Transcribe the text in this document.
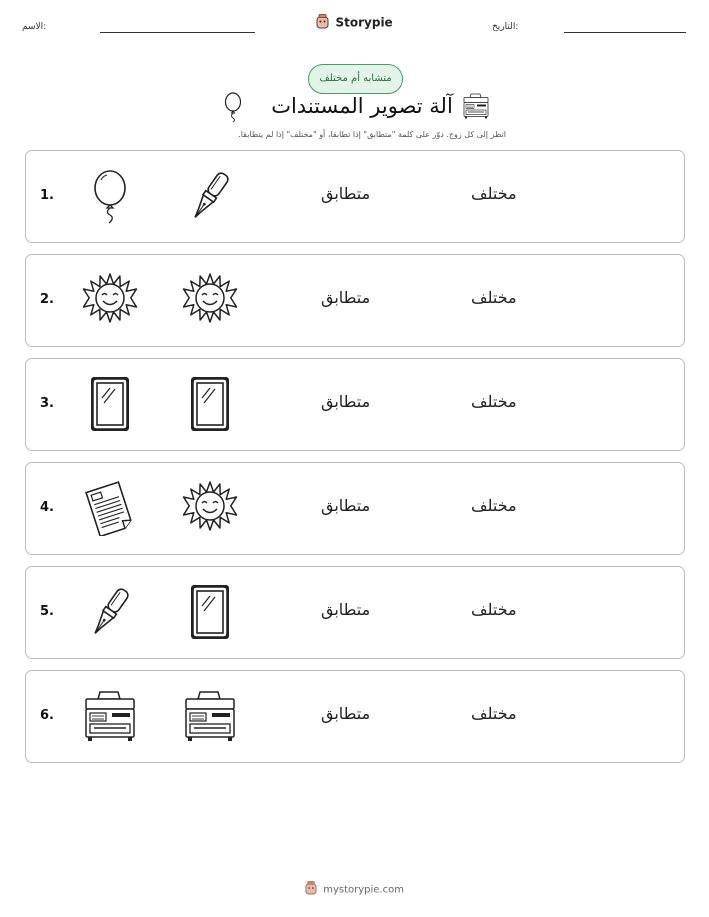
الاسم:	التاريخ:
Storypie
متشابه أم مختلف
آلة تصوير المستندات
انظر إلى كل زوج. دوّر على كلمة "متطابق" إذا تطابقا، أو "مختلف" إذا لم يتطابقا.
1.	متطابق	مختلف
2.	متطابق	مختلف
3.	متطابق	مختلف
4.	متطابق	مختلف
5.	متطابق	مختلف
6.	متطابق	مختلف
mystorypie.com
